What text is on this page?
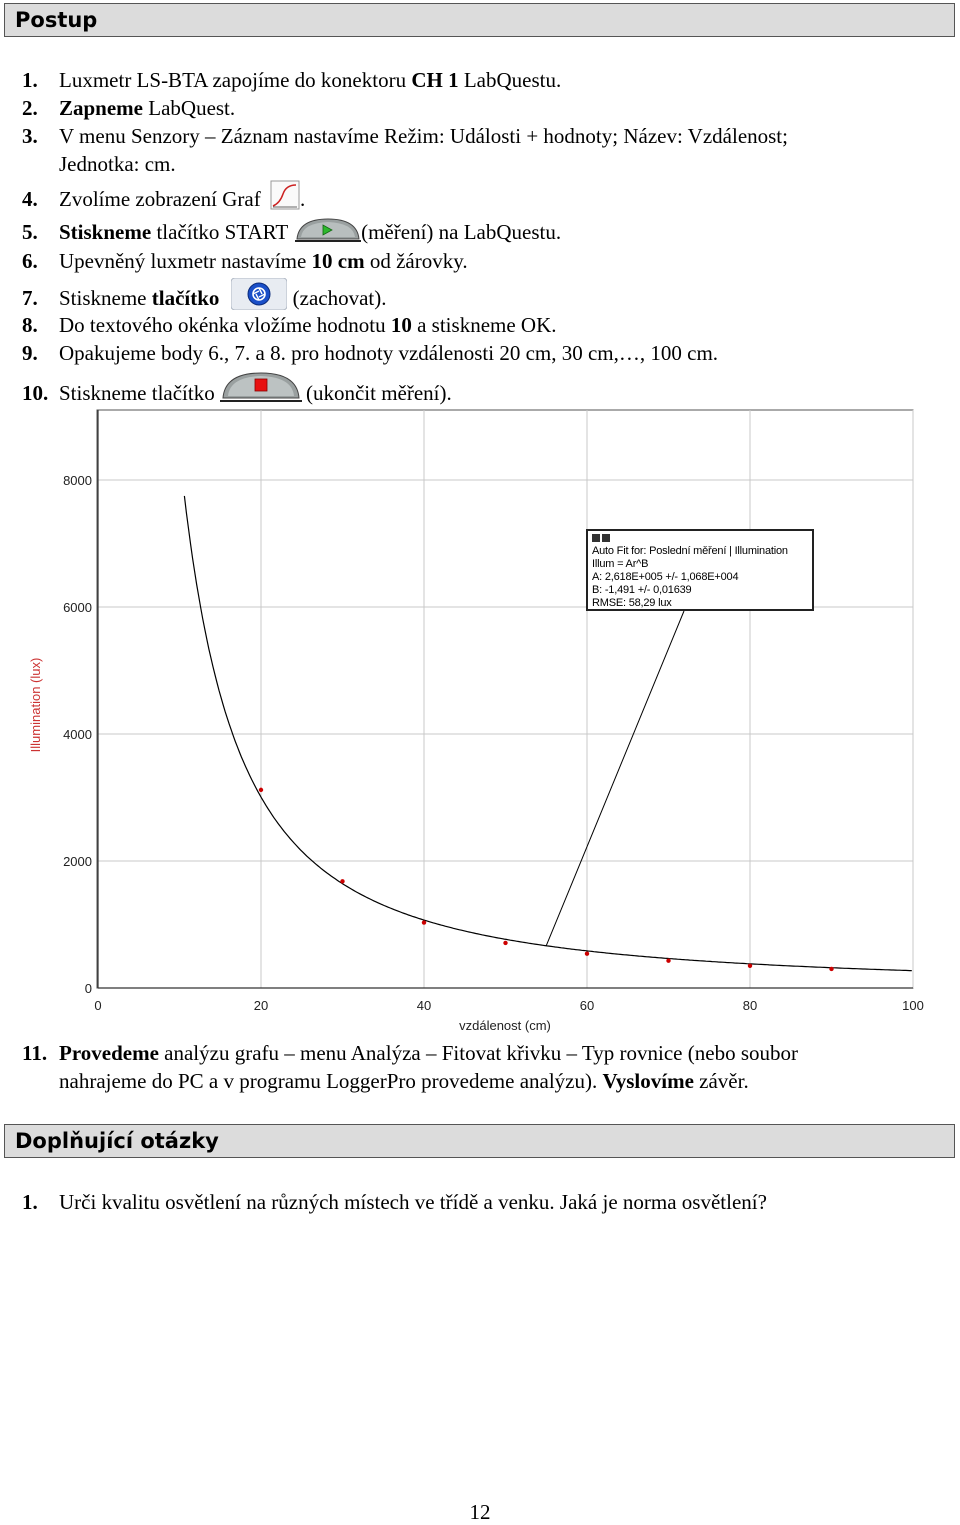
Postup
1. Luxmetr LS-BTA zapojíme do konektoru CH 1 LabQuestu.
2. Zapneme LabQuest.
3. V menu Senzory – Záznam nastavíme Režim: Události + hodnoty; Název: Vzdálenost;
Jednotka: cm.
4. Zvolíme zobrazení Graf .
5. Stiskneme tlačítko START	(měření) na LabQuestu.
6. Upevněný luxmetr nastavíme 10 cm od žárovky.
7. Stiskneme tlačítko	(zachovat).
8. Do textového okénka vložíme hodnotu 10 a stiskneme OK.
9. Opakujeme body 6., 7. a 8. pro hodnoty vzdálenosti 20 cm, 30 cm,…, 100 cm.
10. Stiskneme tlačítko	(ukončit měření).
0	20	40	60	80	100
0
2000
4000
6000
8000
vzdálenost (cm)
Illumination (lux)
Auto Fit for: Poslední měření | Illumination
Illum = Ar^B
A: 2,618E+005 +/- 1,068E+004
B: -1,491 +/- 0,01639
RMSE: 58,29 lux
11. Provedeme analýzu grafu – menu Analýza – Fitovat křivku – Typ rovnice (nebo soubor
nahrajeme do PC a v programu LoggerPro provedeme analýzu). Vyslovíme závěr.
Doplňující otázky
1. Urči kvalitu osvětlení na různých místech ve třídě a venku. Jaká je norma osvětlení?
12
